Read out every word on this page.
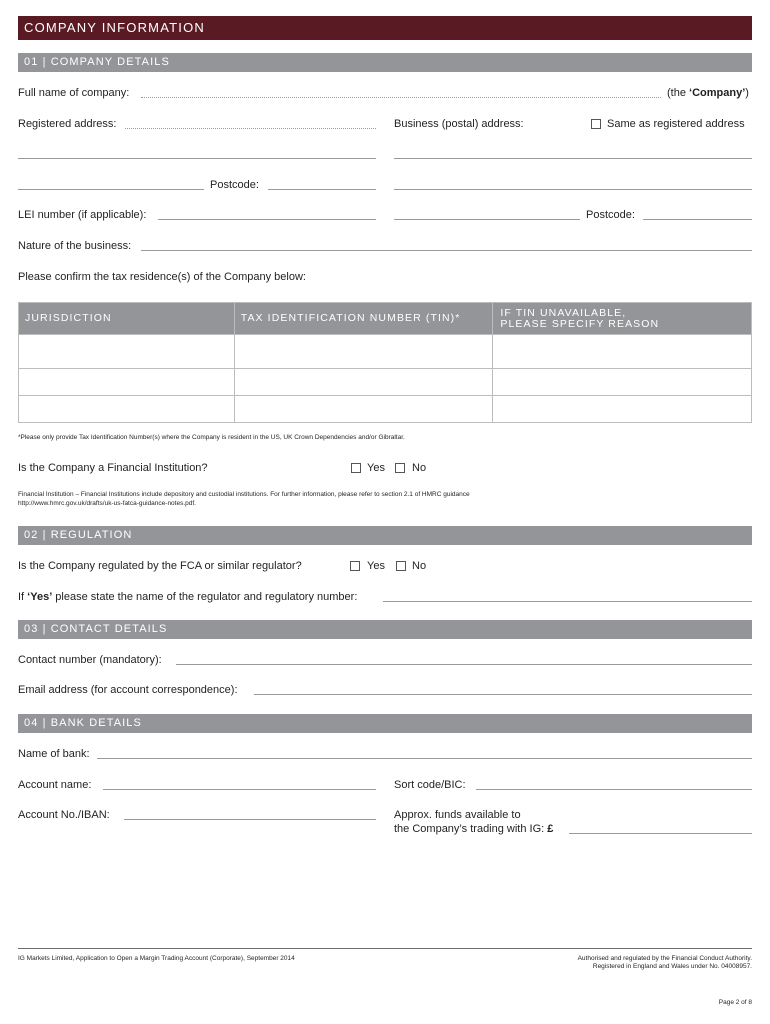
COMPANY INFORMATION
01 | COMPANY DETAILS
Full name of company:	(the ‘Company’)
Registered address:	Business (postal) address:	Same as registered address
Postcode:
LEI number (if applicable):	Postcode:
Nature of the business:
Please confirm the tax residence(s) of the Company below:
JURISDICTION	TAX IDENTIFICATION NUMBER (TIN)*	IF TIN UNAVAILABLE,
PLEASE SPECIFY REASON

*Please only provide Tax Identification Number(s) where the Company is resident in the US, UK Crown Dependencies and/or Gibraltar.
Is the Company a Financial Institution?	Yes No
Financial Institution – Financial Institutions include depository and custodial institutions. For further information, please refer to section 2.1 of HMRC guidance
http://www.hmrc.gov.uk/drafts/uk-us-fatca-guidance-notes.pdf.
02 | REGULATION
Is the Company regulated by the FCA or similar regulator?	Yes No
If ‘Yes’ please state the name of the regulator and regulatory number:
03 | CONTACT DETAILS
Contact number (mandatory):
Email address (for account correspondence):
04 | BANK DETAILS
Name of bank:
Account name:	Sort code/BIC:
Account No./IBAN:	Approx. funds available to
the Company’s trading with IG: £
IG Markets Limited, Application to Open a Margin Trading Account (Corporate), September 2014	Authorised and regulated by the Financial Conduct Authority.
Registered in England and Wales under No. 04008957.
Page 2 of 8
